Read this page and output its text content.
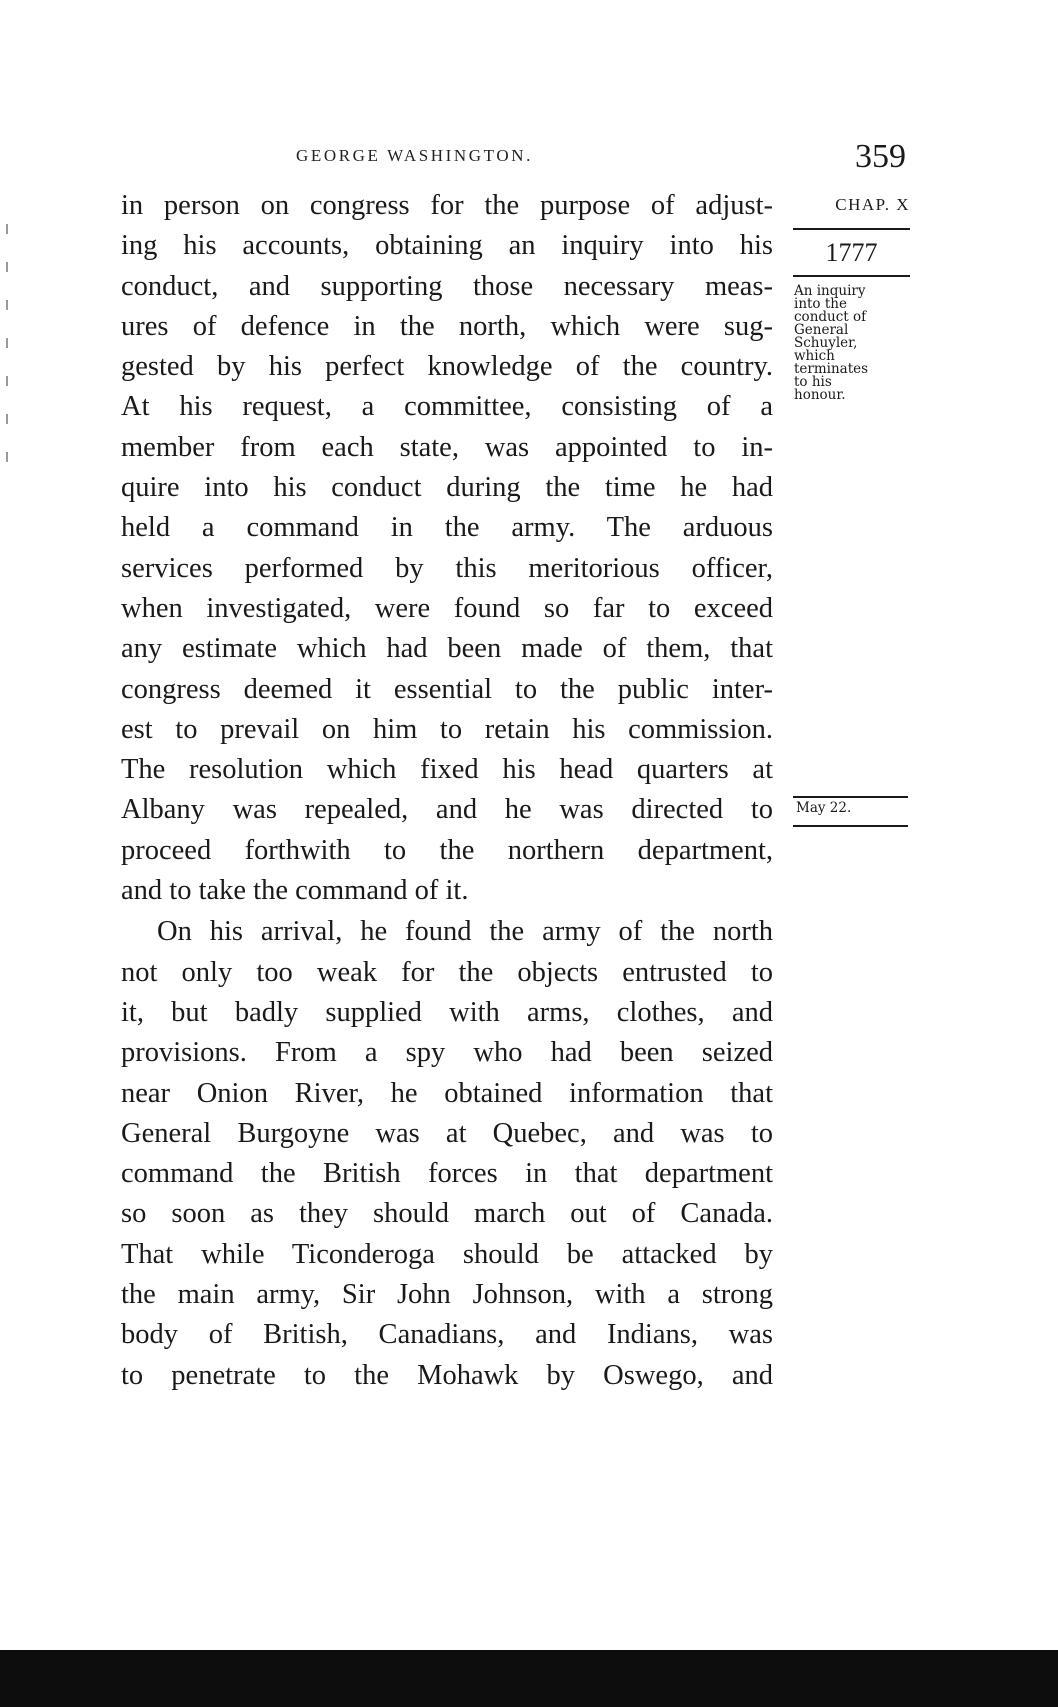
GEORGE WASHINGTON.	359
CHAP. X
1777
An inquiry
into the
conduct of
General
Schuyler,
which
terminates
to his
honour.
May 22.
in person on congress for the purpose of adjust-
ing his accounts, obtaining an inquiry into his
conduct, and supporting those necessary meas-
ures of defence in the north, which were sug-
gested by his perfect knowledge of the country.
At his request, a committee, consisting of a
member from each state, was appointed to in-
quire into his conduct during the time he had
held a command in the army. The arduous
services performed by this meritorious officer,
when investigated, were found so far to exceed
any estimate which had been made of them, that
congress deemed it essential to the public inter-
est to prevail on him to retain his commission.
The resolution which fixed his head quarters at
Albany was repealed, and he was directed to
proceed forthwith to the northern department,
and to take the command of it.
On his arrival, he found the army of the north
not only too weak for the objects entrusted to
it, but badly supplied with arms, clothes, and
provisions. From a spy who had been seized
near Onion River, he obtained information that
General Burgoyne was at Quebec, and was to
command the British forces in that department
so soon as they should march out of Canada.
That while Ticonderoga should be attacked by
the main army, Sir John Johnson, with a strong
body of British, Canadians, and Indians, was
to penetrate to the Mohawk by Oswego, and
